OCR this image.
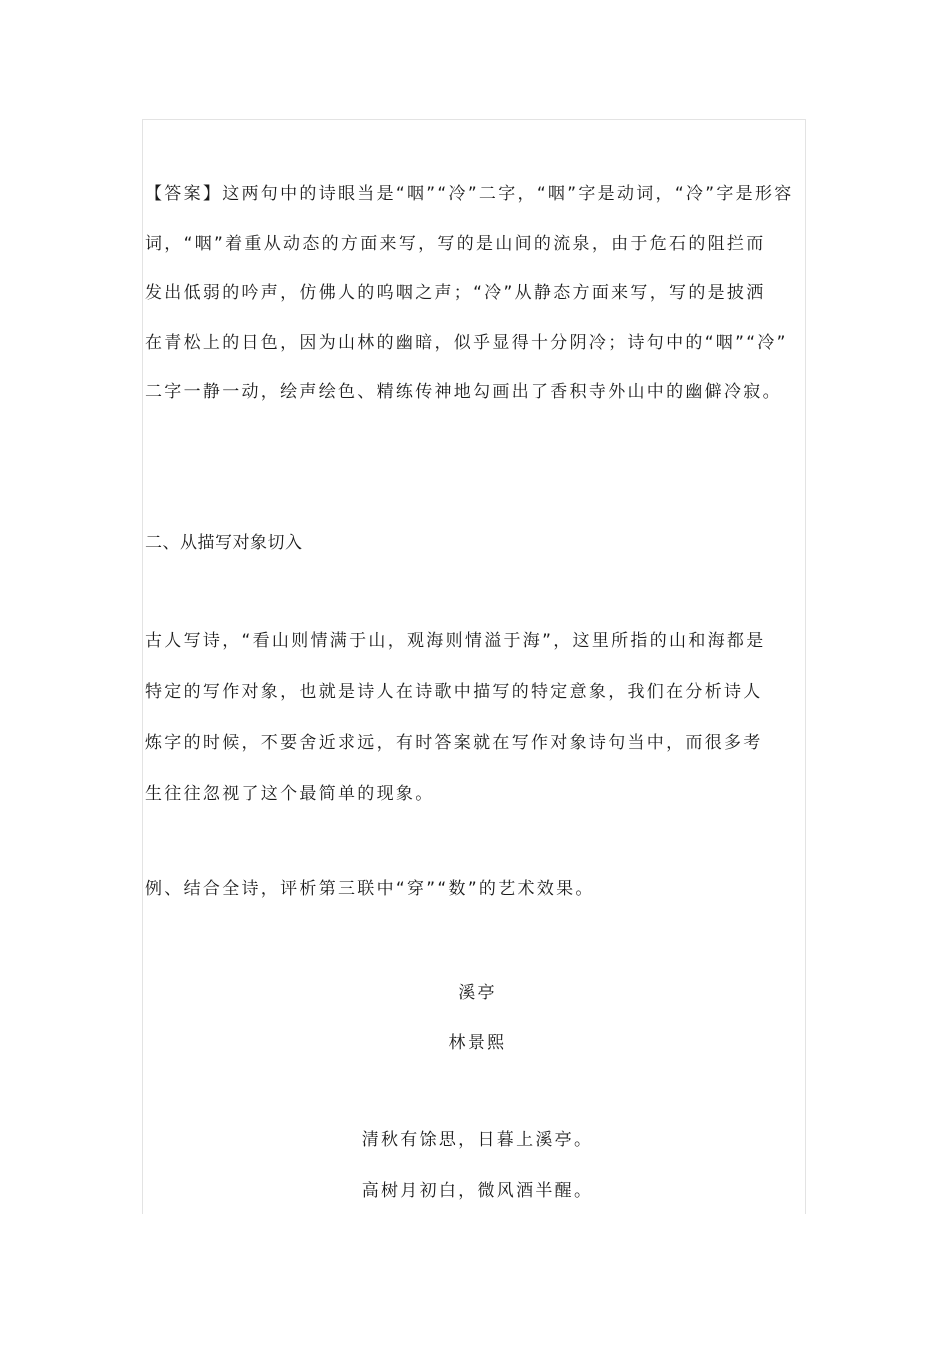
【答案】这两句中的诗眼当是“咽”“冷”二字，“咽”字是动词，“冷”字是形容
词，“咽”着重从动态的方面来写，写的是山间的流泉，由于危石的阻拦而
发出低弱的吟声，仿佛人的呜咽之声；“冷”从静态方面来写，写的是披洒
在青松上的日色，因为山林的幽暗，似乎显得十分阴冷；诗句中的“咽”“冷”
二字一静一动，绘声绘色、精练传神地勾画出了香积寺外山中的幽僻冷寂。
二、从描写对象切入
古人写诗，“看山则情满于山，观海则情溢于海”，这里所指的山和海都是
特定的写作对象，也就是诗人在诗歌中描写的特定意象，我们在分析诗人
炼字的时候，不要舍近求远，有时答案就在写作对象诗句当中，而很多考
生往往忽视了这个最简单的现象。
例、结合全诗，评析第三联中“穿”“数”的艺术效果。
溪亭
林景熙
清秋有馀思，日暮上溪亭。
高树月初白，微风酒半醒。
